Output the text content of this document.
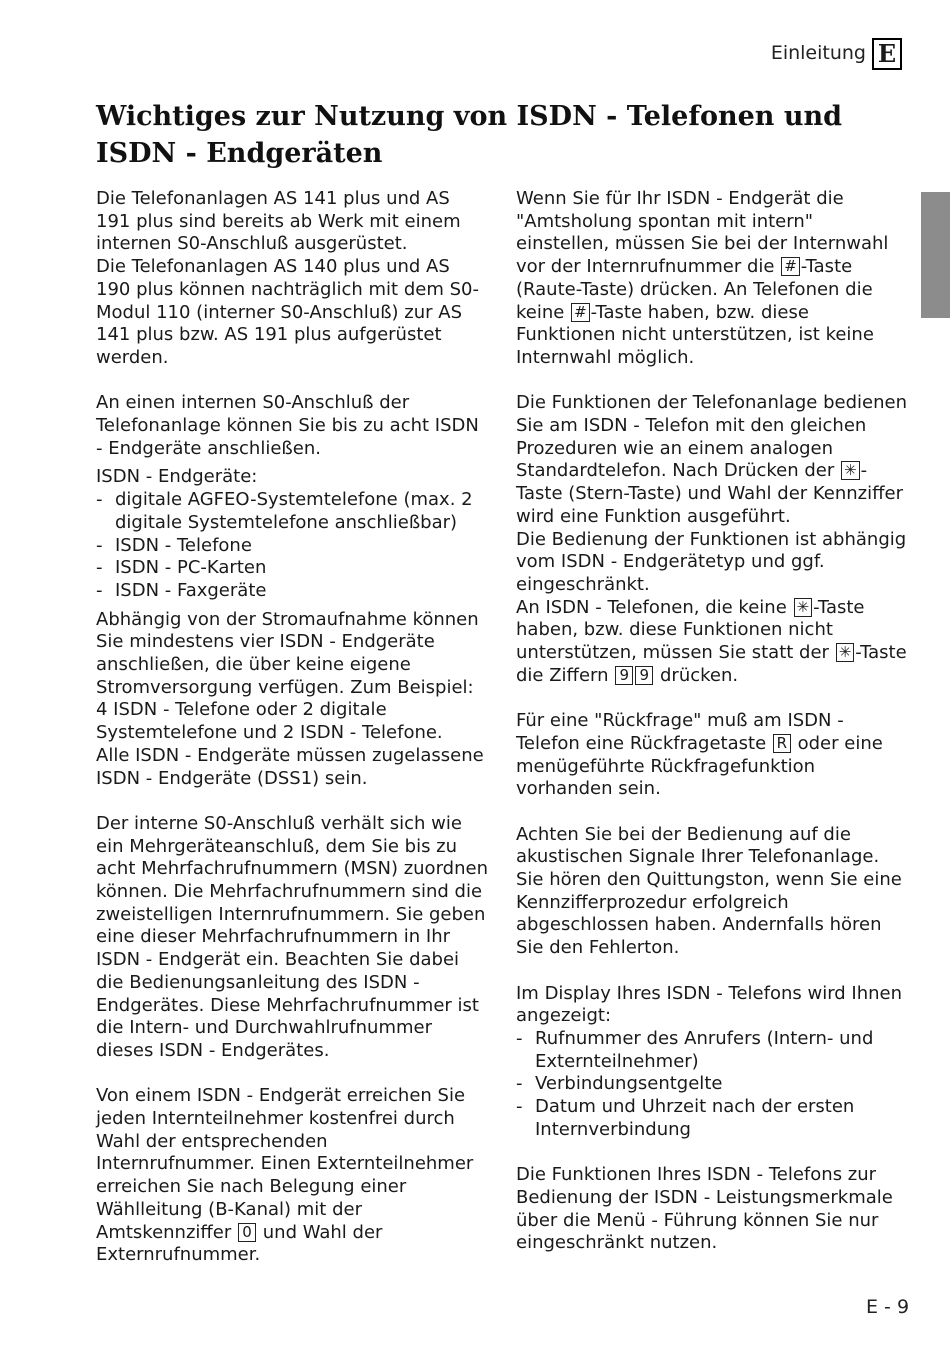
Einleitung E
Wichtiges zur Nutzung von ISDN - Telefonen und ISDN - Endgeräten

Die Telefonanlagen AS 141 plus und AS 191 plus sind bereits ab Werk mit einem internen S0-Anschluß ausgerüstet.

Die Telefonanlagen AS 140 plus und AS 190 plus können nachträglich mit dem S0-Modul 110 (interner S0-Anschluß) zur AS 141 plus bzw. AS 191 plus aufgerüstet werden.

An einen internen S0-Anschluß der Telefonanlage können Sie bis zu acht ISDN - Endgeräte anschließen.

ISDN - Endgeräte:

- digitale AGFEO-Systemtelefone (max. 2 digitale Systemtelefone anschließbar)
- ISDN - Telefone
- ISDN - PC-Karten
- ISDN - Faxgeräte

Abhängig von der Stromaufnahme können Sie mindestens vier ISDN - Endgeräte anschließen, die über keine eigene Stromversorgung verfügen. Zum Beispiel: 4 ISDN - Telefone oder 2 digitale Systemtelefone und 2 ISDN - Telefone.

Alle ISDN - Endgeräte müssen zugelassene ISDN - Endgeräte (DSS1) sein.

Der interne S0-Anschluß verhält sich wie ein Mehrgeräteanschluß, dem Sie bis zu acht Mehrfachrufnummern (MSN) zuordnen können. Die Mehrfachrufnummern sind die zweistelligen Internrufnummern. Sie geben eine dieser Mehrfachrufnummern in Ihr ISDN - Endgerät ein. Beachten Sie dabei die Bedienungsanleitung des ISDN - Endgerätes. Diese Mehrfachrufnummer ist die Intern- und Durchwahlrufnummer dieses ISDN - Endgerätes.

Von einem ISDN - Endgerät erreichen Sie jeden Internteilnehmer kostenfrei durch Wahl der entsprechenden Internrufnummer. Einen Externteilnehmer erreichen Sie nach Belegung einer Wählleitung (B-Kanal) mit der Amtskennziffer 0 und Wahl der Externrufnummer.

Wenn Sie für Ihr ISDN - Endgerät die "Amtsholung spontan mit intern" einstellen, müssen Sie bei der Internwahl vor der Internrufnummer die # -Taste (Raute-Taste) drücken. An Telefonen die keine # -Taste haben, bzw. diese Funktionen nicht unterstützen, ist keine Internwahl möglich.

Die Funktionen der Telefonanlage bedienen Sie am ISDN - Telefon mit den gleichen Prozeduren wie an einem analogen Standardtelefon. Nach Drücken der ✳ -Taste (Stern-Taste) und Wahl der Kennziffer wird eine Funktion ausgeführt.

Die Bedienung der Funktionen ist abhängig vom ISDN - Endgerätetyp und ggf. eingeschränkt.

An ISDN - Telefonen, die keine ✳ -Taste haben, bzw. diese Funktionen nicht unterstützen, müssen Sie statt der ✳ -Taste die Ziffern 9 9 drücken.

Für eine "Rückfrage" muß am ISDN - Telefon eine Rückfragetaste R oder eine menügeführte Rückfragefunktion vorhanden sein.

Achten Sie bei der Bedienung auf die akustischen Signale Ihrer Telefonanlage. Sie hören den Quittungston, wenn Sie eine Kennzifferprozedur erfolgreich abgeschlossen haben. Andernfalls hören Sie den Fehlerton.

Im Display Ihres ISDN - Telefons wird Ihnen angezeigt:

- Rufnummer des Anrufers (Intern- und Externteilnehmer)
- Verbindungsentgelte
- Datum und Uhrzeit nach der ersten Internverbindung

Die Funktionen Ihres ISDN - Telefons zur Bedienung der ISDN - Leistungsmerkmale über die Menü - Führung können Sie nur eingeschränkt nutzen.

E - 9
